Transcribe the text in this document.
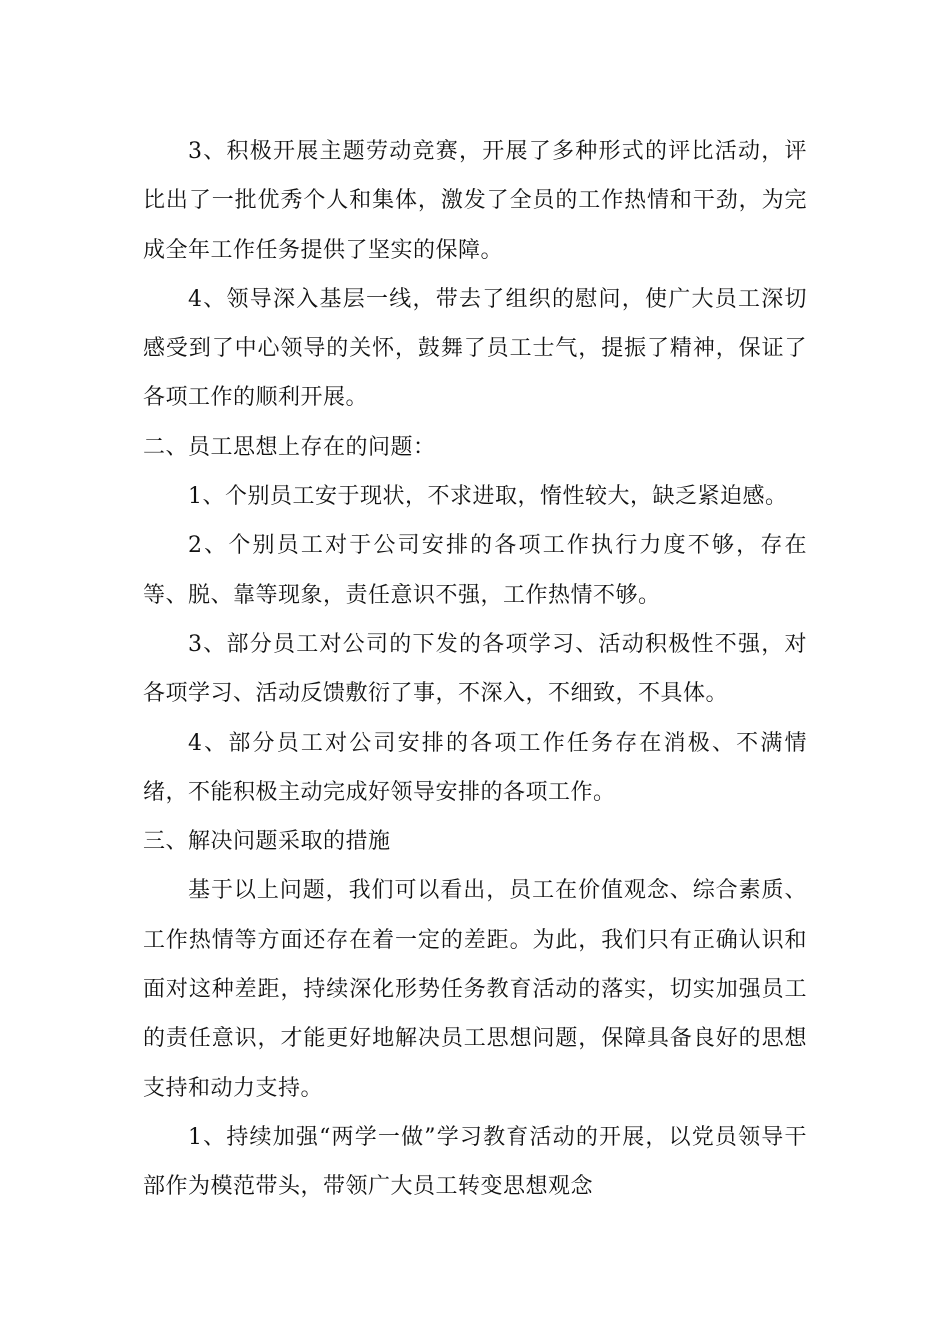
3、积极开展主题劳动竞赛，开展了多种形式的评比活动，评比出了一批优秀个人和集体，激发了全员的工作热情和干劲，为完成全年工作任务提供了坚实的保障。

4、领导深入基层一线，带去了组织的慰问，使广大员工深切感受到了中心领导的关怀，鼓舞了员工士气，提振了精神，保证了各项工作的顺利开展。

二、员工思想上存在的问题：

1、个别员工安于现状，不求进取，惰性较大，缺乏紧迫感。

2、个别员工对于公司安排的各项工作执行力度不够，存在等、脱、靠等现象，责任意识不强，工作热情不够。

3、部分员工对公司的下发的各项学习、活动积极性不强，对各项学习、活动反馈敷衍了事，不深入，不细致，不具体。

4、部分员工对公司安排的各项工作任务存在消极、不满情绪，不能积极主动完成好领导安排的各项工作。

三、解决问题采取的措施

基于以上问题，我们可以看出，员工在价值观念、综合素质、工作热情等方面还存在着一定的差距。为此，我们只有正确认识和面对这种差距，持续深化形势任务教育活动的落实，切实加强员工的责任意识，才能更好地解决员工思想问题，保障具备良好的思想支持和动力支持。

1、持续加强“两学一做”学习教育活动的开展，以党员领导干部作为模范带头，带领广大员工转变思想观念
